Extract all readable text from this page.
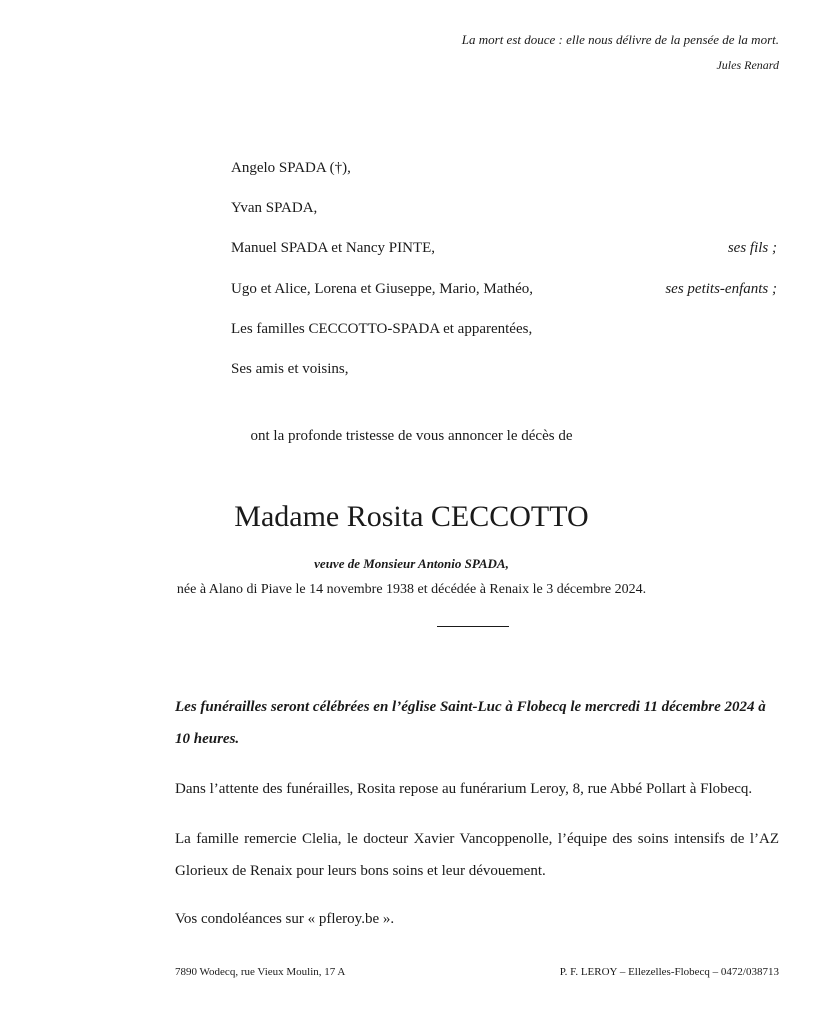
La mort est douce : elle nous délivre de la pensée de la mort.
Jules Renard
Angelo SPADA (†),
Yvan SPADA,
Manuel SPADA et Nancy PINTE,	ses fils ;
Ugo et Alice, Lorena et Giuseppe, Mario, Mathéo,	ses petits-enfants ;
Les familles CECCOTTO-SPADA et apparentées,
Ses amis et voisins,
ont la profonde tristesse de vous annoncer le décès de
Madame Rosita CECCOTTO
veuve de Monsieur Antonio SPADA,
née à Alano di Piave le 14 novembre 1938 et décédée à Renaix le 3 décembre 2024.
Les funérailles seront célébrées en l’église Saint-Luc à Flobecq le mercredi 11 décembre 2024 à 10 heures.
Dans l’attente des funérailles, Rosita repose au funérarium Leroy, 8, rue Abbé Pollart à Flobecq.
La famille remercie Clelia, le docteur Xavier Vancoppenolle, l’équipe des soins intensifs de l’AZ Glorieux de Renaix pour leurs bons soins et leur dévouement.
Vos condoléances sur « pfleroy.be ».
7890 Wodecq, rue Vieux Moulin, 17 A	P. F. LEROY – Ellezelles-Flobecq – 0472/038713
